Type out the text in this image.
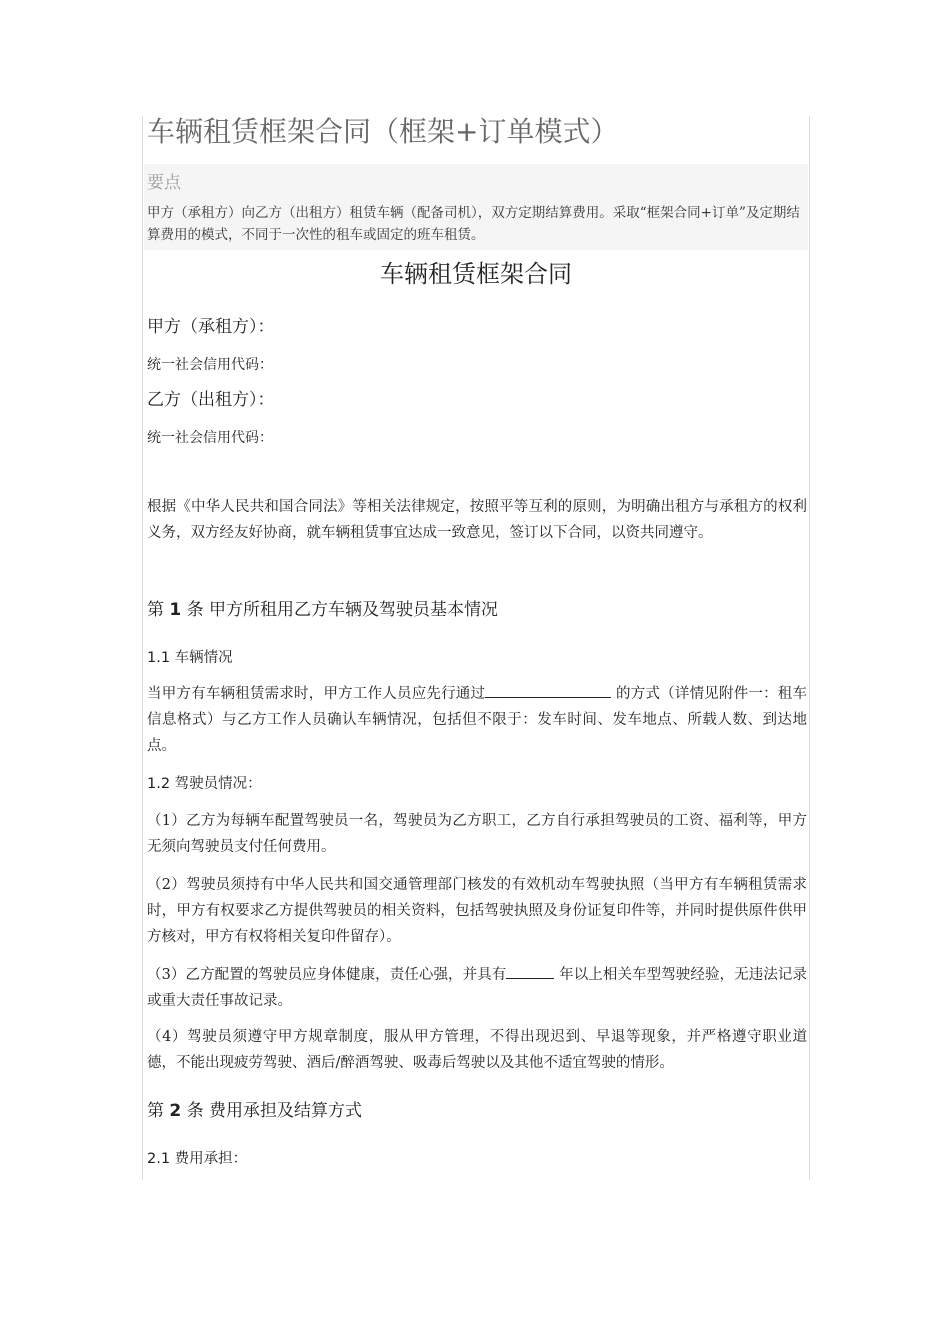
车辆租赁框架合同（框架+订单模式）
要点

甲方（承租方）向乙方（出租方）租赁车辆（配备司机），双方定期结算费用。采取“框架合同+订单”及定期结算费用的模式，不同于一次性的租车或固定的班车租赁。

车辆租赁框架合同

甲方（承租方）：

统一社会信用代码：

乙方（出租方）：

统一社会信用代码：

根据《中华人民共和国合同法》等相关法律规定，按照平等互利的原则，为明确出租方与承租方的权利义务，双方经友好协商，就车辆租赁事宜达成一致意见，签订以下合同，以资共同遵守。

第 1 条 甲方所租用乙方车辆及驾驶员基本情况

1.1 车辆情况

当甲方有车辆租赁需求时，甲方工作人员应先行通过	的方式（详情见附件一：租车信息格式）与乙方工作人员确认车辆情况，包括但不限于：发车时间、发车地点、所载人数、到达地点。

1.2 驾驶员情况：

（1）乙方为每辆车配置驾驶员一名，驾驶员为乙方职工，乙方自行承担驾驶员的工资、福利等，甲方无须向驾驶员支付任何费用。

（2）驾驶员须持有中华人民共和国交通管理部门核发的有效机动车驾驶执照（当甲方有车辆租赁需求时，甲方有权要求乙方提供驾驶员的相关资料，包括驾驶执照及身份证复印件等，并同时提供原件供甲方核对，甲方有权将相关复印件留存）。

（3）乙方配置的驾驶员应身体健康，责任心强，并具有	年以上相关车型驾驶经验，无违法记录或重大责任事故记录。

（4）驾驶员须遵守甲方规章制度，服从甲方管理，不得出现迟到、早退等现象，并严格遵守职业道德，不能出现疲劳驾驶、酒后/醉酒驾驶、吸毒后驾驶以及其他不适宜驾驶的情形。

第 2 条 费用承担及结算方式

2.1 费用承担：
